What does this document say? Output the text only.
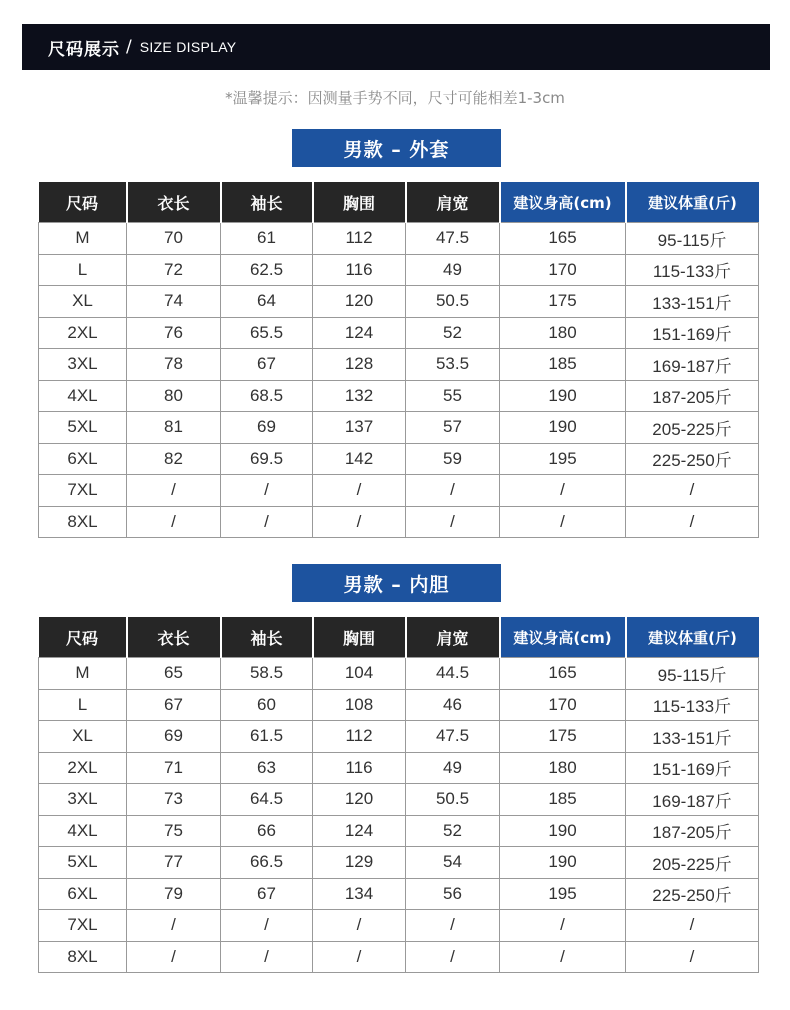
尺码展示 / SIZE DISPLAY
*温馨提示：因测量手势不同，尺寸可能相差1-3cm
男款 – 外套
尺码	衣长	袖长	胸围	肩宽	建议身高(cm)	建议体重(斤)
M	70	61	112	47.5	165	95-115斤
L	72	62.5	116	49	170	115-133斤
XL	74	64	120	50.5	175	133-151斤
2XL	76	65.5	124	52	180	151-169斤
3XL	78	67	128	53.5	185	169-187斤
4XL	80	68.5	132	55	190	187-205斤
5XL	81	69	137	57	190	205-225斤
6XL	82	69.5	142	59	195	225-250斤
7XL	/	/	/	/	/	/
8XL	/	/	/	/	/	/
男款 – 内胆
尺码	衣长	袖长	胸围	肩宽	建议身高(cm)	建议体重(斤)
M	65	58.5	104	44.5	165	95-115斤
L	67	60	108	46	170	115-133斤
XL	69	61.5	112	47.5	175	133-151斤
2XL	71	63	116	49	180	151-169斤
3XL	73	64.5	120	50.5	185	169-187斤
4XL	75	66	124	52	190	187-205斤
5XL	77	66.5	129	54	190	205-225斤
6XL	79	67	134	56	195	225-250斤
7XL	/	/	/	/	/	/
8XL	/	/	/	/	/	/
